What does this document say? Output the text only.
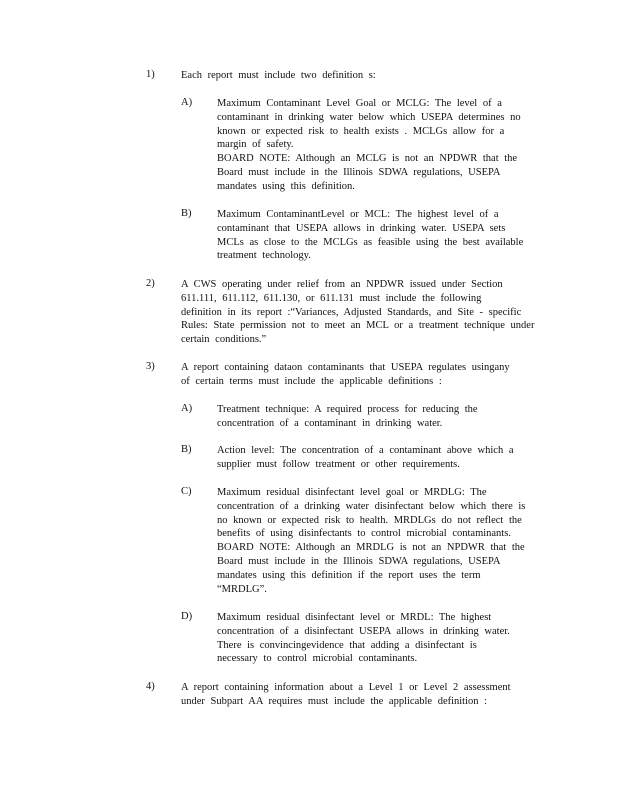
1)	Each report must include two definition s:

A) Maximum Contaminant Level Goal or MCLG: The level of a
contaminant in drinking water below which USEPA determines no
known or expected risk to health exists . MCLGs allow for a
margin of safety.
BOARD NOTE: Although an MCLG is not an NPDWR that the
Board must include in the Illinois SDWA regulations, USEPA
mandates using this definition.

B) Maximum ContaminantLevel or MCL: The highest level of a
contaminant that USEPA allows in drinking water. USEPA sets
MCLs as close to the MCLGs as feasible using the best available
treatment technology.

2)	A CWS operating under relief from an NPDWR issued under Section
611.111, 611.112, 611.130, or 611.131 must include the following
definition in its report :“Variances, Adjusted Standards, and Site - specific
Rules: State permission not to meet an MCL or a treatment technique under
certain conditions.”

3)	A report containing dataon contaminants that USEPA regulates usingany
of certain terms must include the applicable definitions :

A) Treatment technique: A required process for reducing the
concentration of a contaminant in drinking water.

B) Action level: The concentration of a contaminant above which a
supplier must follow treatment or other requirements.

C) Maximum residual disinfectant level goal or MRDLG: The
concentration of a drinking water disinfectant below which there is
no known or expected risk to health. MRDLGs do not reflect the
benefits of using disinfectants to control microbial contaminants.
BOARD NOTE: Although an MRDLG is not an NPDWR that the
Board must include in the Illinois SDWA regulations, USEPA
mandates using this definition if the report uses the term
“MRDLG”.

D) Maximum residual disinfectant level or MRDL: The highest
concentration of a disinfectant USEPA allows in drinking water.
There is convincingevidence that adding a disinfectant is
necessary to control microbial contaminants.

4)	A report containing information about a Level 1 or Level 2 assessment
under Subpart AA requires must include the applicable definition :
